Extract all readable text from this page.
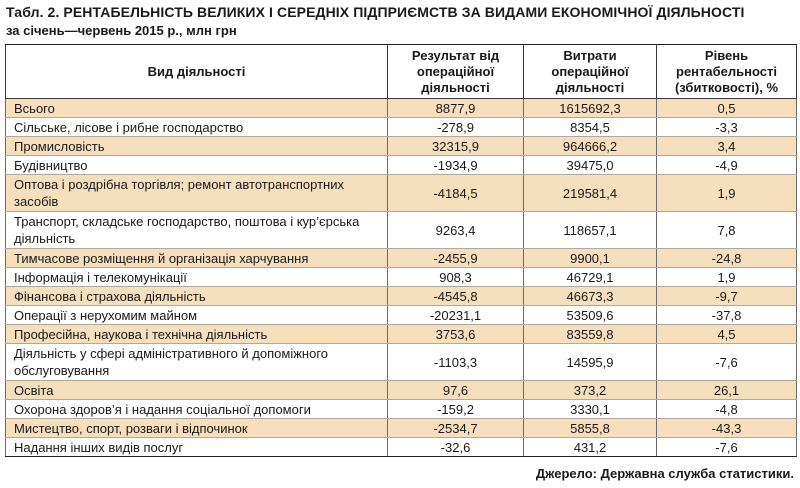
Табл. 2. РЕНТАБЕЛЬНІСТЬ ВЕЛИКИХ І СЕРЕДНІХ ПІДПРИЄМСТВ ЗА ВИДАМИ ЕКОНОМІЧНОЇ ДІЯЛЬНОСТІ
за січень—червень 2015 р., млн грн
Вид діяльності	Результат від операційної діяльності	Витрати операційної діяльності	Рівень рентабельності (збитковості), %
Всього	8877,9	1615692,3	0,5
Сільське, лісове і рибне господарство	-278,9	8354,5	-3,3
Промисловість	32315,9	964666,2	3,4
Будівництво	-1934,9	39475,0	-4,9
Оптова і роздрібна торгівля; ремонт автотранспортних засобів	-4184,5	219581,4	1,9
Транспорт, складське господарство, поштова і кур’єрська діяльність	9263,4	118657,1	7,8
Тимчасове розміщення й організація харчування	-2455,9	9900,1	-24,8
Інформація і телекомунікації	908,3	46729,1	1,9
Фінансова і страхова діяльність	-4545,8	46673,3	-9,7
Операції з нерухомим майном	-20231,1	53509,6	-37,8
Професійна, наукова і технічна діяльність	3753,6	83559,8	4,5
Діяльність у сфері адміністративного й допоміжного обслуговування	-1103,3	14595,9	-7,6
Освіта	97,6	373,2	26,1
Охорона здоров’я і надання соціальної допомоги	-159,2	3330,1	-4,8
Мистецтво, спорт, розваги і відпочинок	-2534,7	5855,8	-43,3
Надання інших видів послуг	-32,6	431,2	-7,6
Джерело: Державна служба статистики.
